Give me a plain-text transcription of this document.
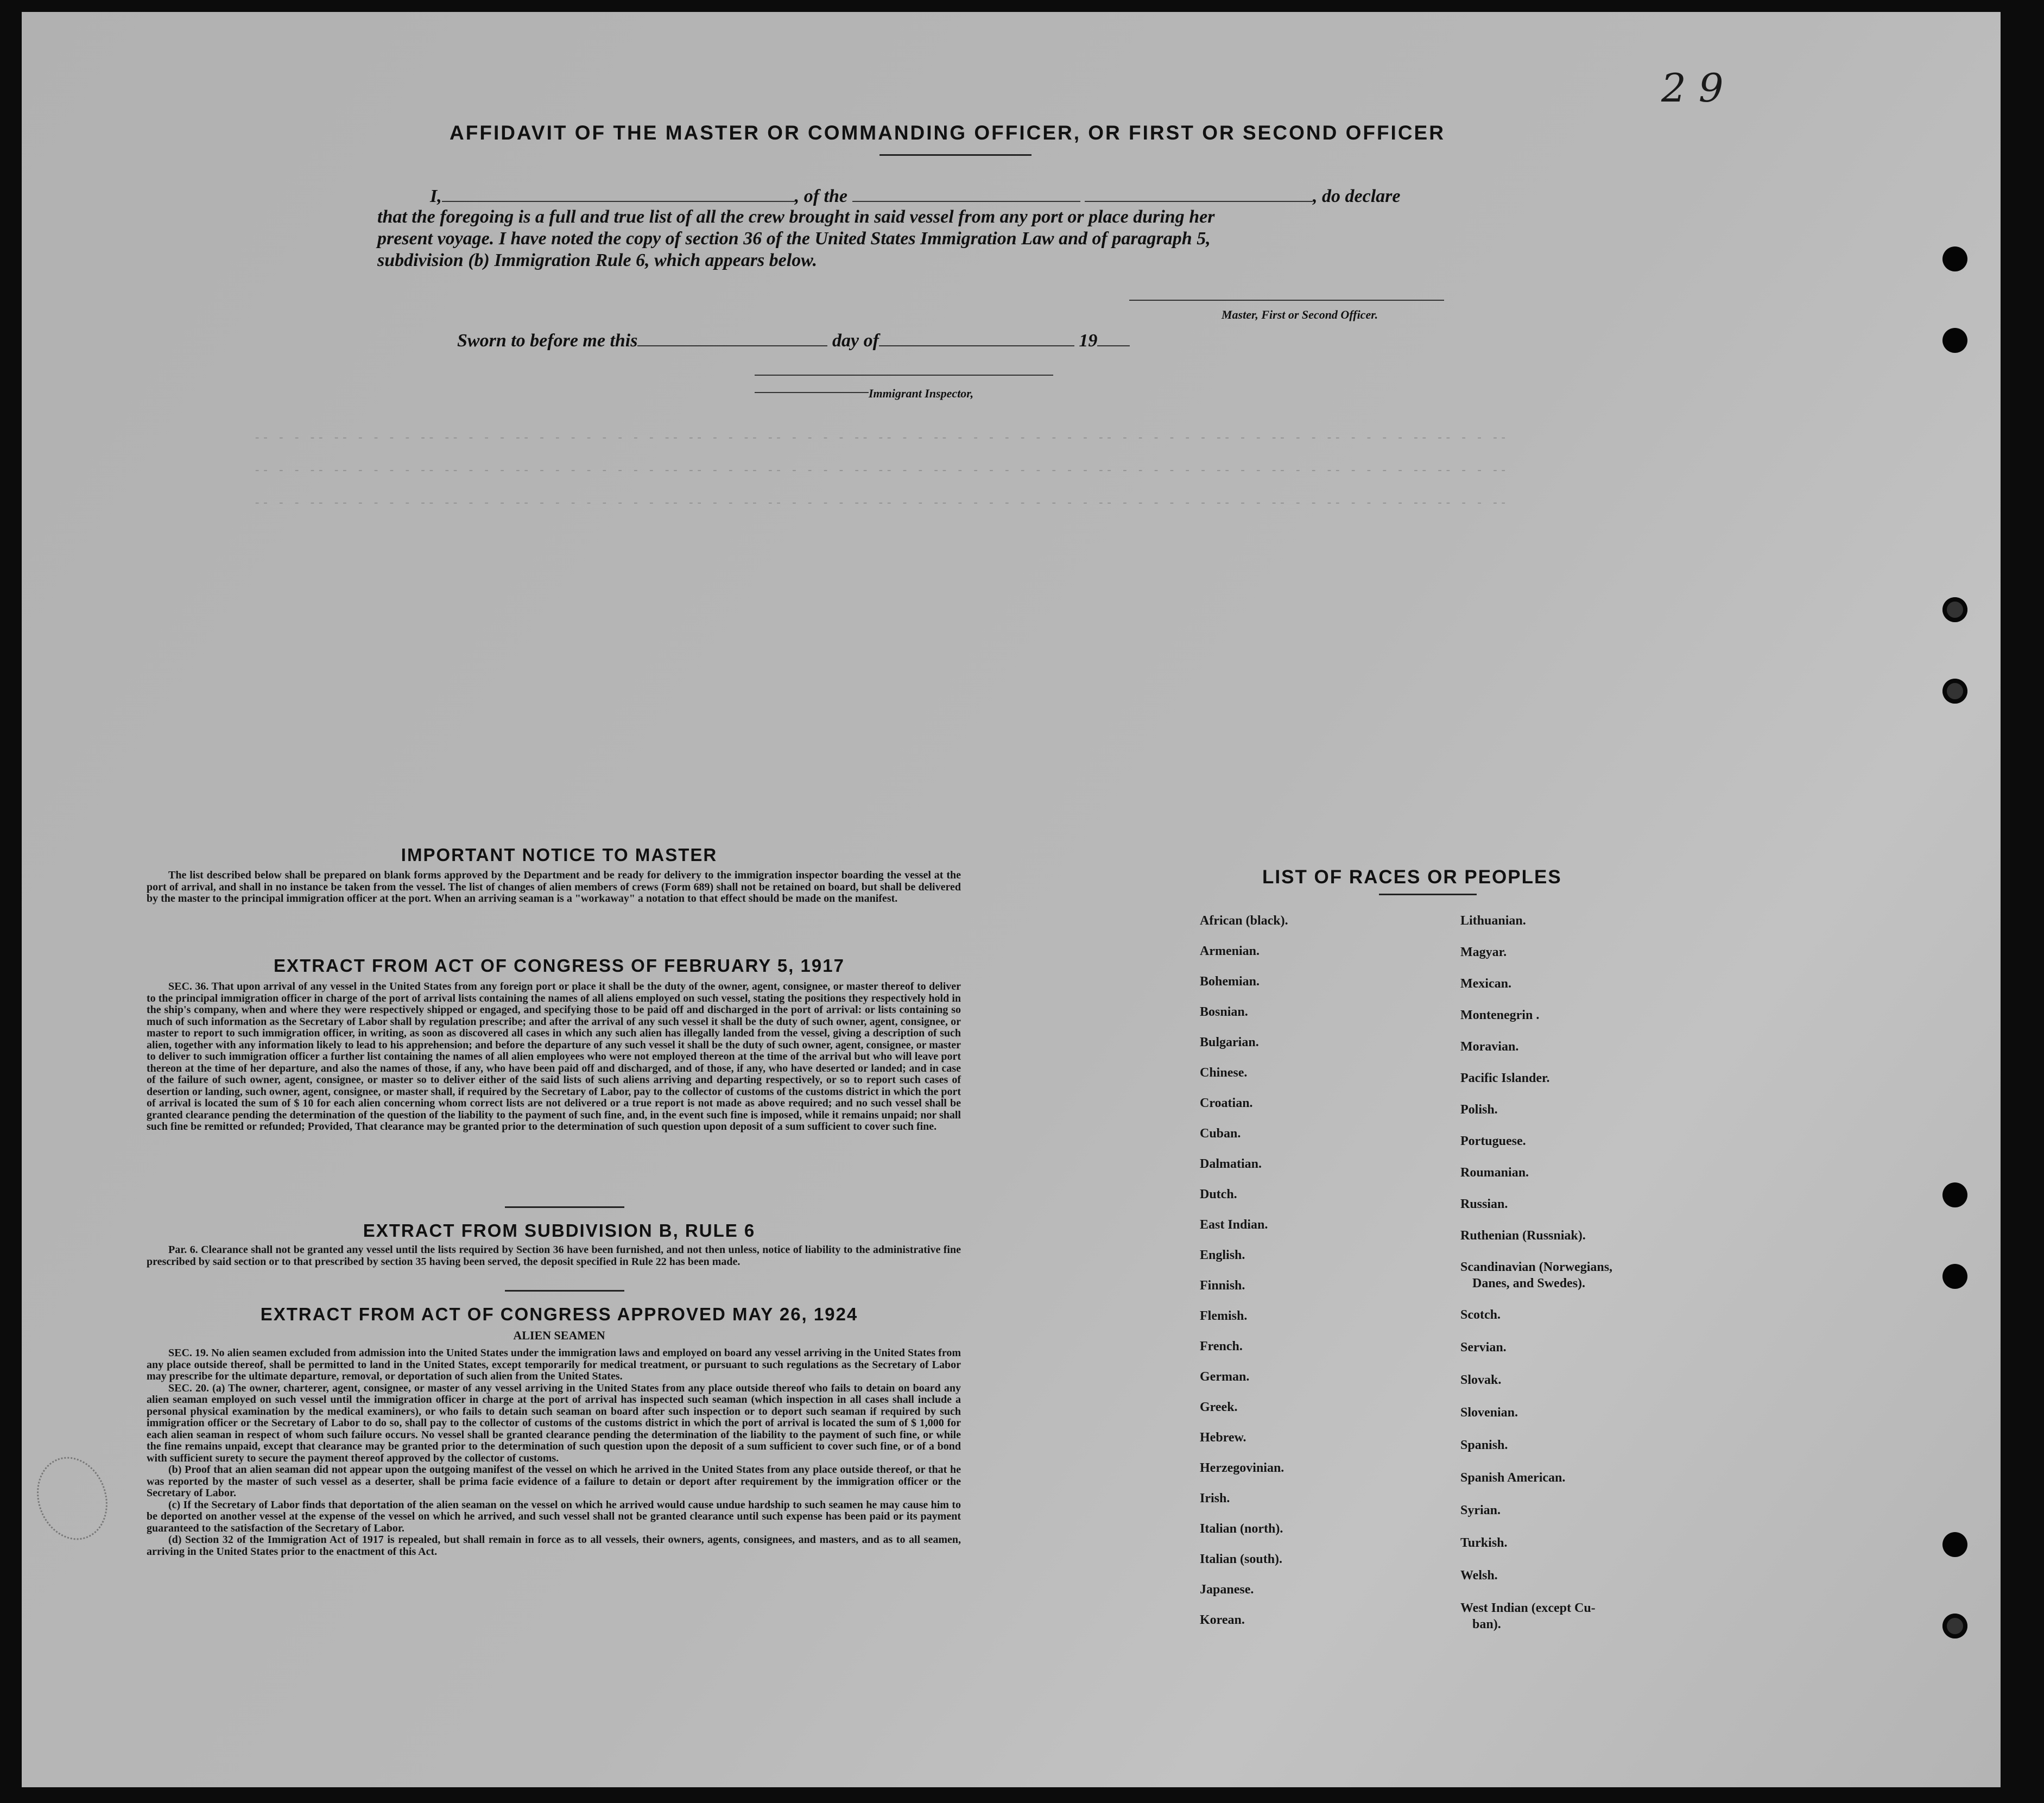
2 9
AFFIDAVIT OF THE MASTER OR COMMANDING OFFICER, OR FIRST OR SECOND OFFICER
I,	, of the	, do declare
that the foregoing is a full and true list of all the crew brought in said vessel from any port or place during her
present voyage. I have noted the copy of section 36 of the United States Immigration Law and of paragraph 5,
subdivision (b) Immigration Rule 6, which appears below.
Master, First or Second Officer.
Sworn to before me this	day of	19
Immigrant Inspector,
-- - - -- -- - - - - -- -- - - - -- - - - - - - - - -- -- - - -- -- - - - - -- -- - - -- - - - - - - - - - -- - - - - - - -- - - -- - - -- - - - - -- -- - - --
-- - - -- -- - - - - -- -- - - - -- - - - - - - - - -- -- - - -- -- - - - - -- -- - - -- - - - - - - - - - -- - - - - - - -- - - -- - - -- - - - - -- -- - - --
-- - - -- -- - - - - -- -- - - - -- - - - - - - - - -- -- - - -- -- - - - - -- -- - - -- - - - - - - - - - -- - - - - - - -- - - -- - - -- - - - - -- -- - - --
IMPORTANT NOTICE TO MASTER

The list described below shall be prepared on blank forms approved by the Department and be ready for delivery to the immigration inspector boarding the vessel at the port of arrival, and shall in no instance be taken from the vessel. The list of changes of alien members of crews (Form 689) shall not be retained on board, but shall be delivered by the master to the principal immigration officer at the port. When an arriving seaman is a "workaway" a notation to that effect should be made on the manifest.

EXTRACT FROM ACT OF CONGRESS OF FEBRUARY 5, 1917

SEC. 36. That upon arrival of any vessel in the United States from any foreign port or place it shall be the duty of the owner, agent, consignee, or master thereof to deliver to the principal immigration officer in charge of the port of arrival lists containing the names of all aliens employed on such vessel, stating the positions they respectively hold in the ship's company, when and where they were respectively shipped or engaged, and specifying those to be paid off and discharged in the port of arrival: or lists containing so much of such information as the Secretary of Labor shall by regulation prescribe; and after the arrival of any such vessel it shall be the duty of such owner, agent, consignee, or master to report to such immigration officer, in writing, as soon as discovered all cases in which any such alien has illegally landed from the vessel, giving a description of such alien, together with any information likely to lead to his apprehension; and before the departure of any such vessel it shall be the duty of such owner, agent, consignee, or master to deliver to such immigration officer a further list containing the names of all alien employees who were not employed thereon at the time of the arrival but who will leave port thereon at the time of her departure, and also the names of those, if any, who have been paid off and discharged, and of those, if any, who have deserted or landed; and in case of the failure of such owner, agent, consignee, or master so to deliver either of the said lists of such aliens arriving and departing respectively, or so to report such cases of desertion or landing, such owner, agent, consignee, or master shall, if required by the Secretary of Labor, pay to the collector of customs of the customs district in which the port of arrival is located the sum of $ 10 for each alien concerning whom correct lists are not delivered or a true report is not made as above required; and no such vessel shall be granted clearance pending the determination of the question of the liability to the payment of such fine, and, in the event such fine is imposed, while it remains unpaid; nor shall such fine be remitted or refunded; Provided, That clearance may be granted prior to the determination of such question upon deposit of a sum sufficient to cover such fine.

EXTRACT FROM SUBDIVISION B, RULE 6

Par. 6. Clearance shall not be granted any vessel until the lists required by Section 36 have been furnished, and not then unless, notice of liability to the administrative fine prescribed by said section or to that prescribed by section 35 having been served, the deposit specified in Rule 22 has been made.

EXTRACT FROM ACT OF CONGRESS APPROVED MAY 26, 1924
ALIEN SEAMEN

SEC. 19. No alien seamen excluded from admission into the United States under the immigration laws and employed on board any vessel arriving in the United States from any place outside thereof, shall be permitted to land in the United States, except temporarily for medical treatment, or pursuant to such regulations as the Secretary of Labor may prescribe for the ultimate departure, removal, or deportation of such alien from the United States.

SEC. 20. (a) The owner, charterer, agent, consignee, or master of any vessel arriving in the United States from any place outside thereof who fails to detain on board any alien seaman employed on such vessel until the immigration officer in charge at the port of arrival has inspected such seaman (which inspection in all cases shall include a personal physical examination by the medical examiners), or who fails to detain such seaman on board after such inspection or to deport such seaman if required by such immigration officer or the Secretary of Labor to do so, shall pay to the collector of customs of the customs district in which the port of arrival is located the sum of $ 1,000 for each alien seaman in respect of whom such failure occurs. No vessel shall be granted clearance pending the determination of the liability to the payment of such fine, or while the fine remains unpaid, except that clearance may be granted prior to the determination of such question upon the deposit of a sum sufficient to cover such fine, or of a bond with sufficient surety to secure the payment thereof approved by the collector of customs.

(b) Proof that an alien seaman did not appear upon the outgoing manifest of the vessel on which he arrived in the United States from any place outside thereof, or that he was reported by the master of such vessel as a deserter, shall be prima facie evidence of a failure to detain or deport after requirement by the immigration officer or the Secretary of Labor.

(c) If the Secretary of Labor finds that deportation of the alien seaman on the vessel on which he arrived would cause undue hardship to such seamen he may cause him to be deported on another vessel at the expense of the vessel on which he arrived, and such vessel shall not be granted clearance until such expense has been paid or its payment guaranteed to the satisfaction of the Secretary of Labor.

(d) Section 32 of the Immigration Act of 1917 is repealed, but shall remain in force as to all vessels, their owners, agents, consignees, and masters, and as to all seamen, arriving in the United States prior to the enactment of this Act.

LIST OF RACES OR PEOPLES
African (black).
Armenian.
Bohemian.
Bosnian.
Bulgarian.
Chinese.
Croatian.
Cuban.
Dalmatian.
Dutch.
East Indian.
English.
Finnish.
Flemish.
French.
German.
Greek.
Hebrew.
Herzegovinian.
Irish.
Italian (north).
Italian (south).
Japanese.
Korean.
Lithuanian.
Magyar.
Mexican.
Montenegrin .
Moravian.
Pacific Islander.
Polish.
Portuguese.
Roumanian.
Russian.
Ruthenian (Russniak).
Scandinavian (Norwegians,
Danes, and Swedes).
Scotch.
Servian.
Slovak.
Slovenian.
Spanish.
Spanish American.
Syrian.
Turkish.
Welsh.
West Indian (except Cu-
ban).
